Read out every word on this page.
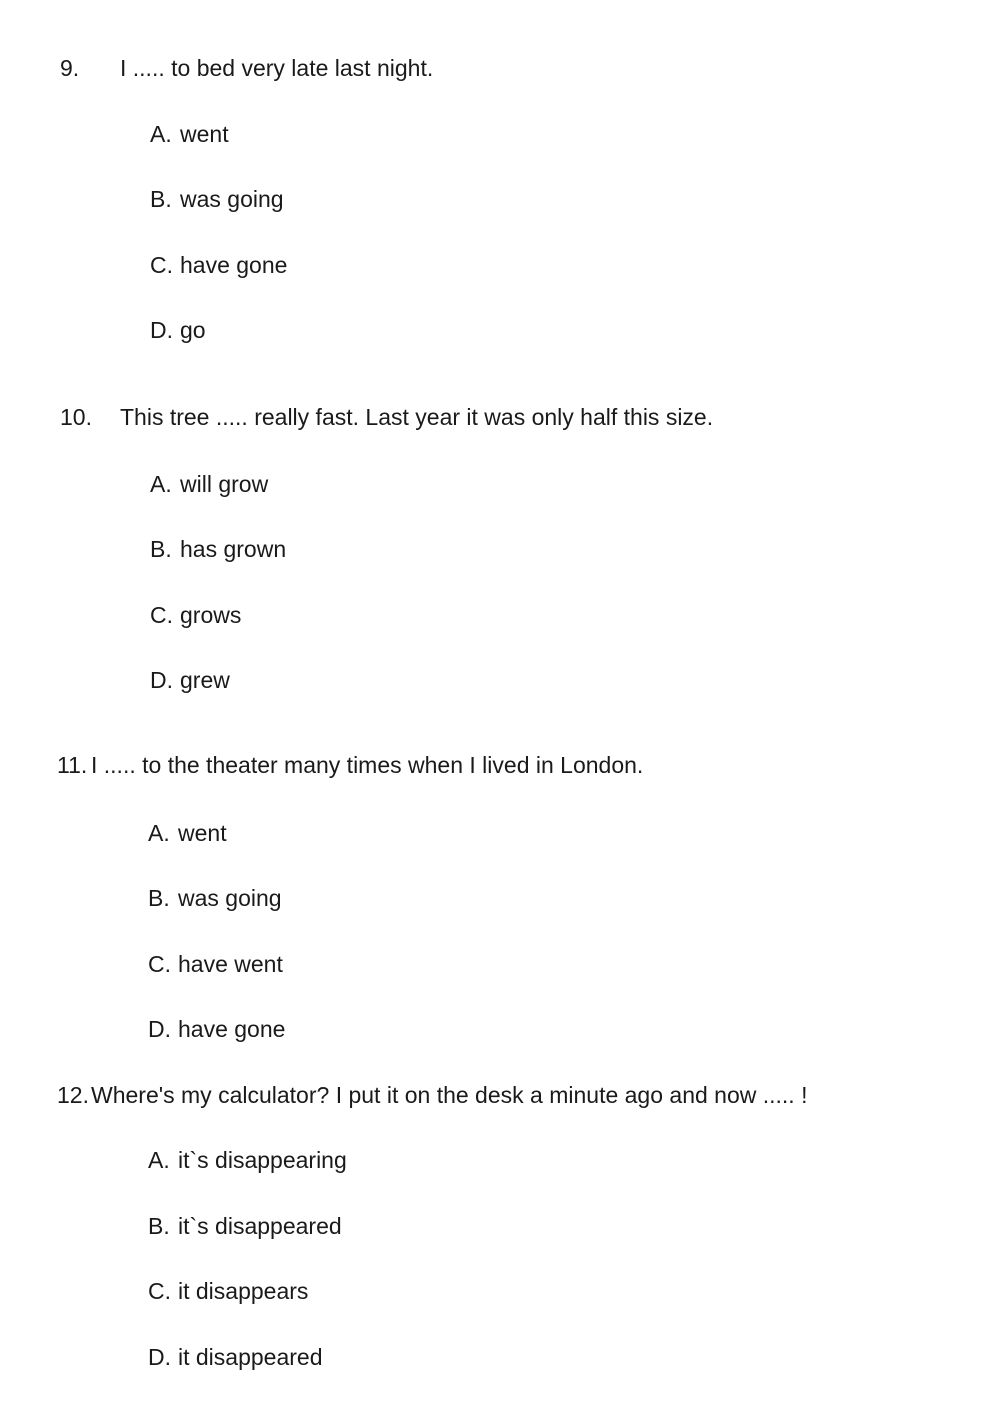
9. I ..... to bed very late last night.
A. went
B. was going
C. have gone
D. go
10. This tree ..... really fast. Last year it was only half this size.
A. will grow
B. has grown
C. grows
D. grew
11. I ..... to the theater many times when I lived in London.
A. went
B. was going
C. have went
D. have gone
12.Where's my calculator? I put it on the desk a minute ago and now ..... !
A. it`s disappearing
B. it`s disappeared
C. it disappears
D. it disappeared
